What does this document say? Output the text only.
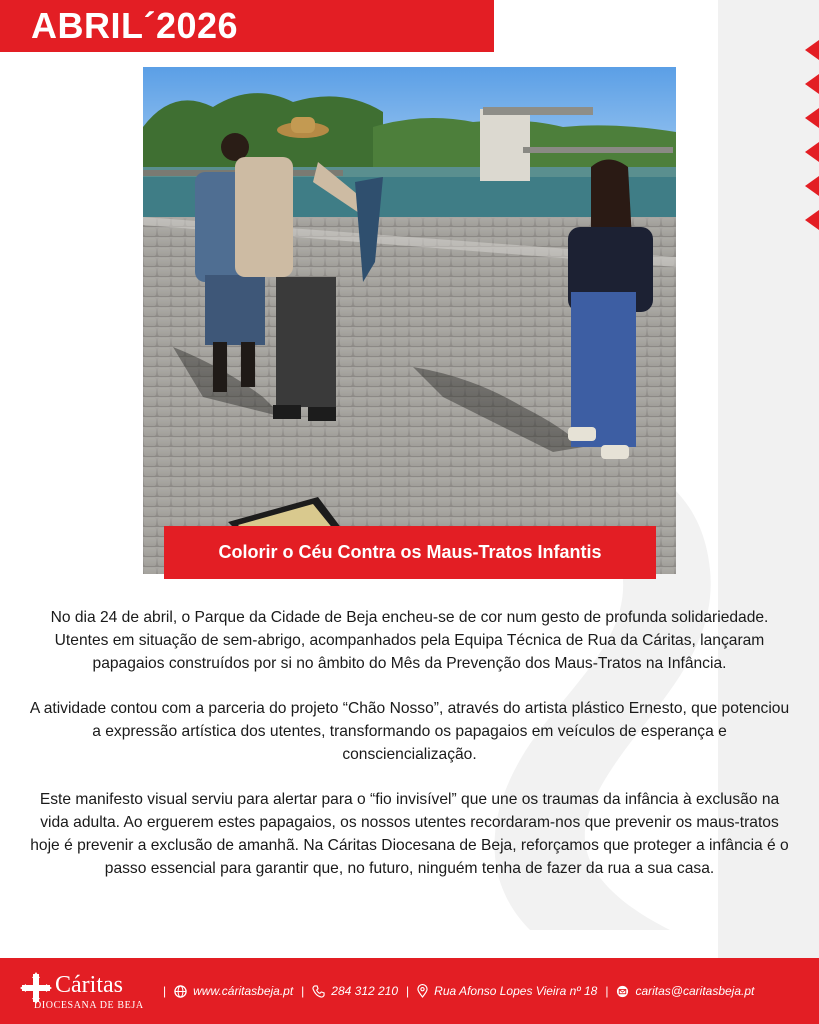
ABRIL´2026
Colorir o Céu Contra os Maus-Tratos Infantis

No dia 24 de abril, o Parque da Cidade de Beja encheu-se de cor num gesto de profunda solidariedade. Utentes em situação de sem-abrigo, acompanhados pela Equipa Técnica de Rua da Cáritas, lançaram papagaios construídos por si no âmbito do Mês da Prevenção dos Maus-Tratos na Infância.

A atividade contou com a parceria do projeto “Chão Nosso”, através do artista plástico Ernesto, que potenciou a expressão artística dos utentes, transformando os papagaios em veículos de esperança e consciencialização.

Este manifesto visual serviu para alertar para o “fio invisível” que une os traumas da infância à exclusão na vida adulta. Ao erguerem estes papagaios, os nossos utentes recordaram-nos que prevenir os maus-tratos hoje é prevenir a exclusão de amanhã. Na Cáritas Diocesana de Beja, reforçamos que proteger a infância é o passo essencial para garantir que, no futuro, ninguém tenha de fazer da rua a sua casa.

Cáritas
DIOCESANA DE BEJA
| www.cáritasbeja.pt | 284 312 210 | Rua Afonso Lopes Vieira nº 18 | caritas@caritasbeja.pt
